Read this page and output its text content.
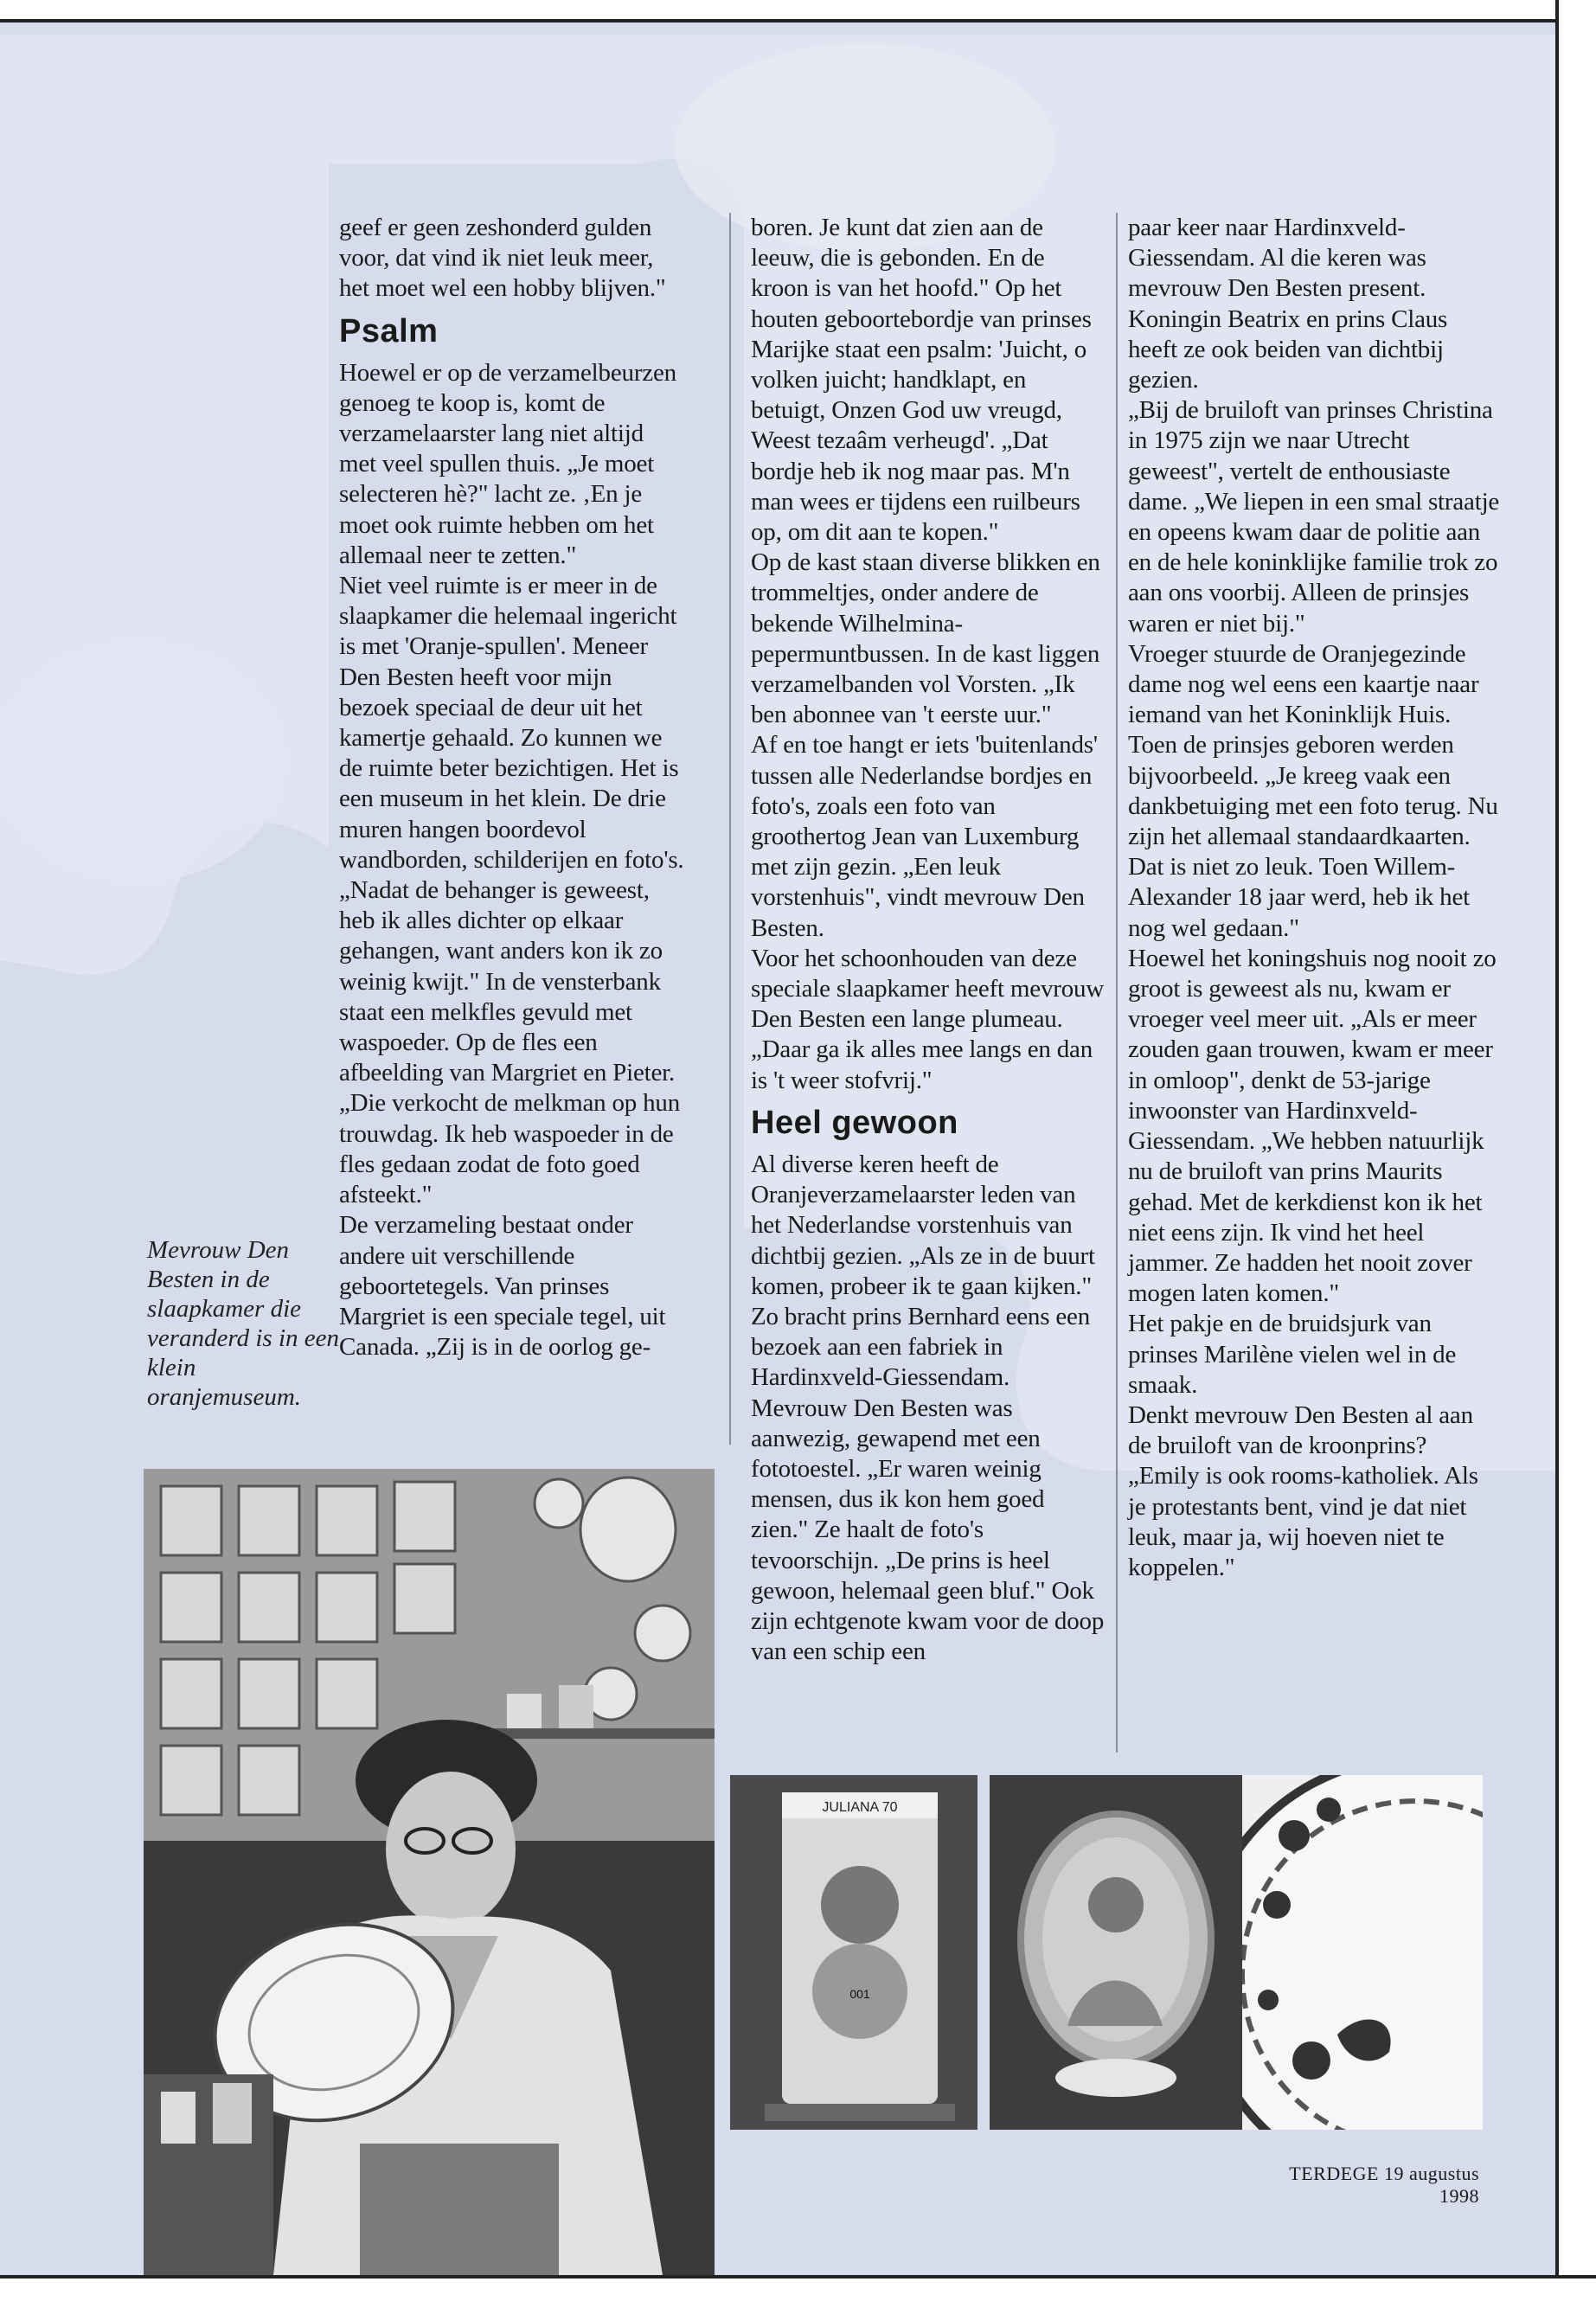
geef er geen zeshonderd gulden voor, dat vind ik niet leuk meer, het moet wel een hobby blijven."

Psalm

Hoewel er op de verzamelbeurzen genoeg te koop is, komt de verzamelaarster lang niet altijd met veel spullen thuis. „Je moet selecteren hè?" lacht ze. ‚En je moet ook ruimte hebben om het allemaal neer te zetten."

Niet veel ruimte is er meer in de slaapkamer die helemaal ingericht is met 'Oranje-spullen'. Meneer Den Besten heeft voor mijn bezoek speciaal de deur uit het kamertje gehaald. Zo kunnen we de ruimte beter bezichtigen. Het is een museum in het klein. De drie muren hangen boordevol wandborden, schilderijen en foto's. „Nadat de behanger is geweest, heb ik alles dichter op elkaar gehangen, want anders kon ik zo weinig kwijt." In de vensterbank staat een melkfles gevuld met waspoeder. Op de fles een afbeelding van Margriet en Pieter. „Die verkocht de melkman op hun trouwdag. Ik heb waspoeder in de fles gedaan zodat de foto goed afsteekt."

De verzameling bestaat onder andere uit verschillende geboortetegels. Van prinses Margriet is een speciale tegel, uit Canada. „Zij is in de oorlog ge-

boren. Je kunt dat zien aan de leeuw, die is gebonden. En de kroon is van het hoofd." Op het houten geboortebordje van prinses Marijke staat een psalm: 'Juicht, o volken juicht; handklapt, en betuigt, Onzen God uw vreugd, Weest tezaâm verheugd'. „Dat bordje heb ik nog maar pas. M'n man wees er tijdens een ruilbeurs op, om dit aan te kopen."

Op de kast staan diverse blikken en trommeltjes, onder andere de bekende Wilhelmina-pepermuntbussen. In de kast liggen verzamelbanden vol Vorsten. „Ik ben abonnee van 't eerste uur."

Af en toe hangt er iets 'buitenlands' tussen alle Nederlandse bordjes en foto's, zoals een foto van groothertog Jean van Luxemburg met zijn gezin. „Een leuk vorstenhuis", vindt mevrouw Den Besten.

Voor het schoonhouden van deze speciale slaapkamer heeft mevrouw Den Besten een lange plumeau. „Daar ga ik alles mee langs en dan is 't weer stofvrij."

Heel gewoon

Al diverse keren heeft de Oranjeverzamelaarster leden van het Nederlandse vorstenhuis van dichtbij gezien. „Als ze in de buurt komen, probeer ik te gaan kijken." Zo bracht prins Bernhard eens een bezoek aan een fabriek in Hardinxveld-Giessendam. Mevrouw Den Besten was aanwezig, gewapend met een fototoestel. „Er waren weinig mensen, dus ik kon hem goed zien." Ze haalt de foto's tevoorschijn. „De prins is heel gewoon, helemaal geen bluf." Ook zijn echtgenote kwam voor de doop van een schip een

paar keer naar Hardinxveld-Giessendam. Al die keren was mevrouw Den Besten present. Koningin Beatrix en prins Claus heeft ze ook beiden van dichtbij gezien.

„Bij de bruiloft van prinses Christina in 1975 zijn we naar Utrecht geweest", vertelt de enthousiaste dame. „We liepen in een smal straatje en opeens kwam daar de politie aan en de hele koninklijke familie trok zo aan ons voorbij. Alleen de prinsjes waren er niet bij."

Vroeger stuurde de Oranjegezinde dame nog wel eens een kaartje naar iemand van het Koninklijk Huis. Toen de prinsjes geboren werden bijvoorbeeld. „Je kreeg vaak een dankbetuiging met een foto terug. Nu zijn het allemaal standaardkaarten. Dat is niet zo leuk. Toen Willem-Alexander 18 jaar werd, heb ik het nog wel gedaan."

Hoewel het koningshuis nog nooit zo groot is geweest als nu, kwam er vroeger veel meer uit. „Als er meer zouden gaan trouwen, kwam er meer in omloop", denkt de 53-jarige inwoonster van Hardinxveld-Giessendam. „We hebben natuurlijk nu de bruiloft van prins Maurits gehad. Met de kerkdienst kon ik het niet eens zijn. Ik vind het heel jammer. Ze hadden het nooit zover mogen laten komen."

Het pakje en de bruidsjurk van prinses Marilène vielen wel in de smaak.

Denkt mevrouw Den Besten al aan de bruiloft van de kroonprins? „Emily is ook rooms-katholiek. Als je protestants bent, vind je dat niet leuk, maar ja, wij hoeven niet te koppelen."

Mevrouw Den Besten in de slaapkamer die veranderd is in een klein oranjemuseum.
JULIANA 70
001
TERDEGE 19 augustus 1998
